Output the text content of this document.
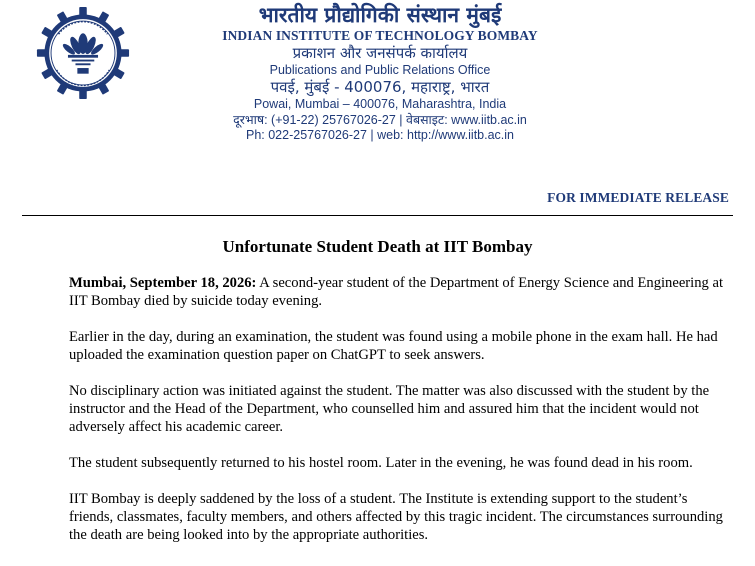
भारतीय प्रौद्योगिकी संस्थान मुंबई
INDIAN INSTITUTE OF TECHNOLOGY BOMBAY
प्रकाशन और जनसंपर्क कार्यालय
Publications and Public Relations Office
पवई, मुंबई - 400076, महाराष्ट्र, भारत
Powai, Mumbai – 400076, Maharashtra, India
दूरभाष: (+91-22) 25767026-27 | वेबसाइट: www.iitb.ac.in
Ph: 022-25767026-27 | web: http://www.iitb.ac.in
FOR IMMEDIATE RELEASE
Unfortunate Student Death at IIT Bombay

Mumbai, September 18, 2026: A second-year student of the Department of Energy Science and Engineering at IIT Bombay died by suicide today evening.

Earlier in the day, during an examination, the student was found using a mobile phone in the exam hall. He had uploaded the examination question paper on ChatGPT to seek answers.

No disciplinary action was initiated against the student. The matter was also discussed with the student by the instructor and the Head of the Department, who counselled him and assured him that the incident would not adversely affect his academic career.

The student subsequently returned to his hostel room. Later in the evening, he was found dead in his room.

IIT Bombay is deeply saddened by the loss of a student. The Institute is extending support to the student’s friends, classmates, faculty members, and others affected by this tragic incident. The circumstances surrounding the death are being looked into by the appropriate authorities.
